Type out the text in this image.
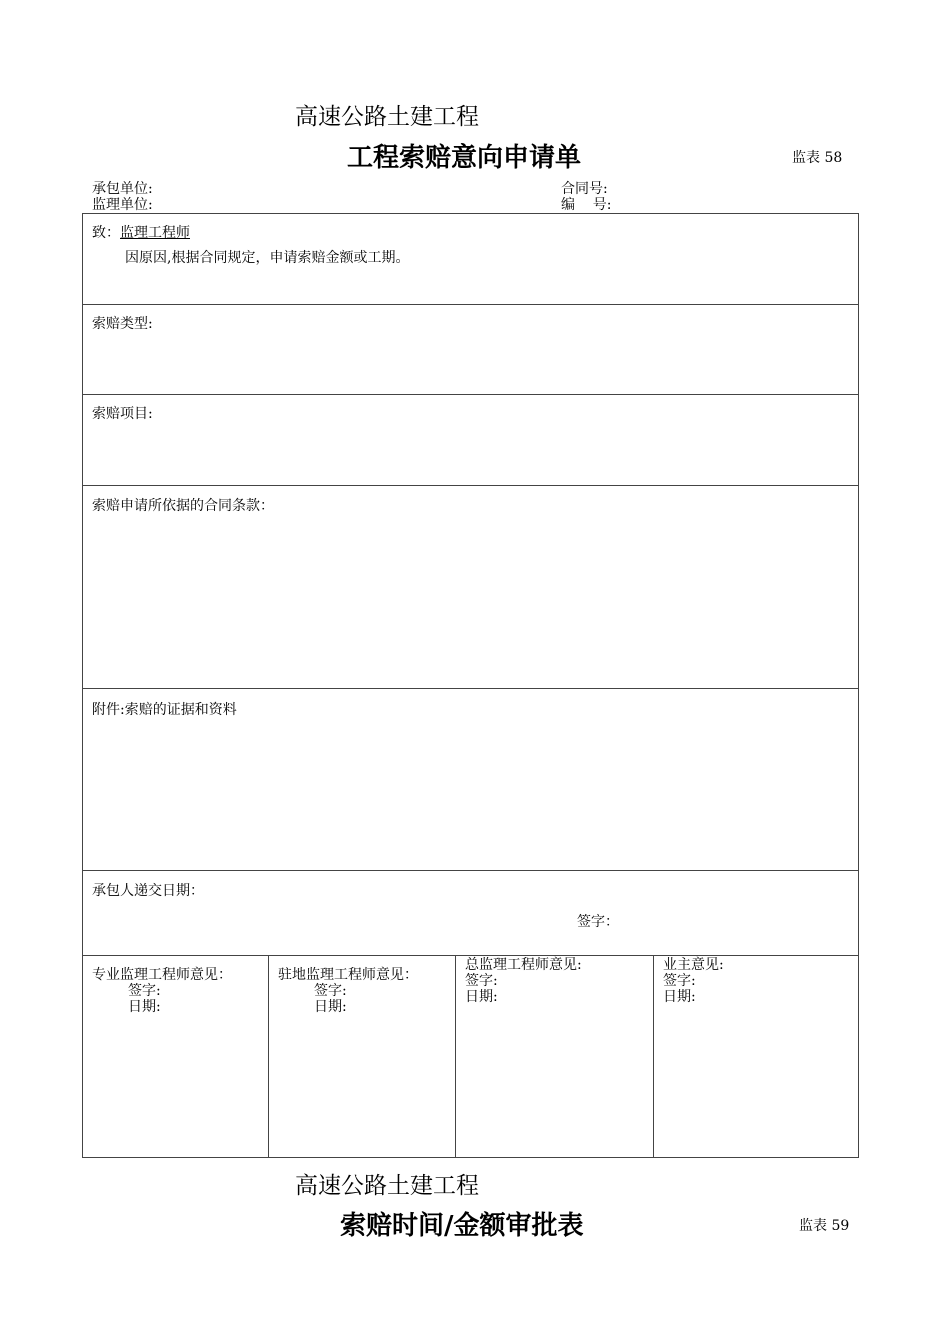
高速公路土建工程
工程索赔意向申请单	监表 58
承包单位:
监理单位:
合同号:
编    号:
致：监理工程师
因原因,根据合同规定，申请索赔金额或工期。
索赔类型:
索赔项目:
索赔申请所依据的合同条款：
附件:索赔的证据和资料
承包人递交日期：
签字：
专业监理工程师意见：
签字:
日期:
驻地监理工程师意见：
签字:
日期:
总监理工程师意见:
签字:
日期:
业主意见:
签字:
日期:
高速公路土建工程
索赔时间/金额审批表	监表 59
